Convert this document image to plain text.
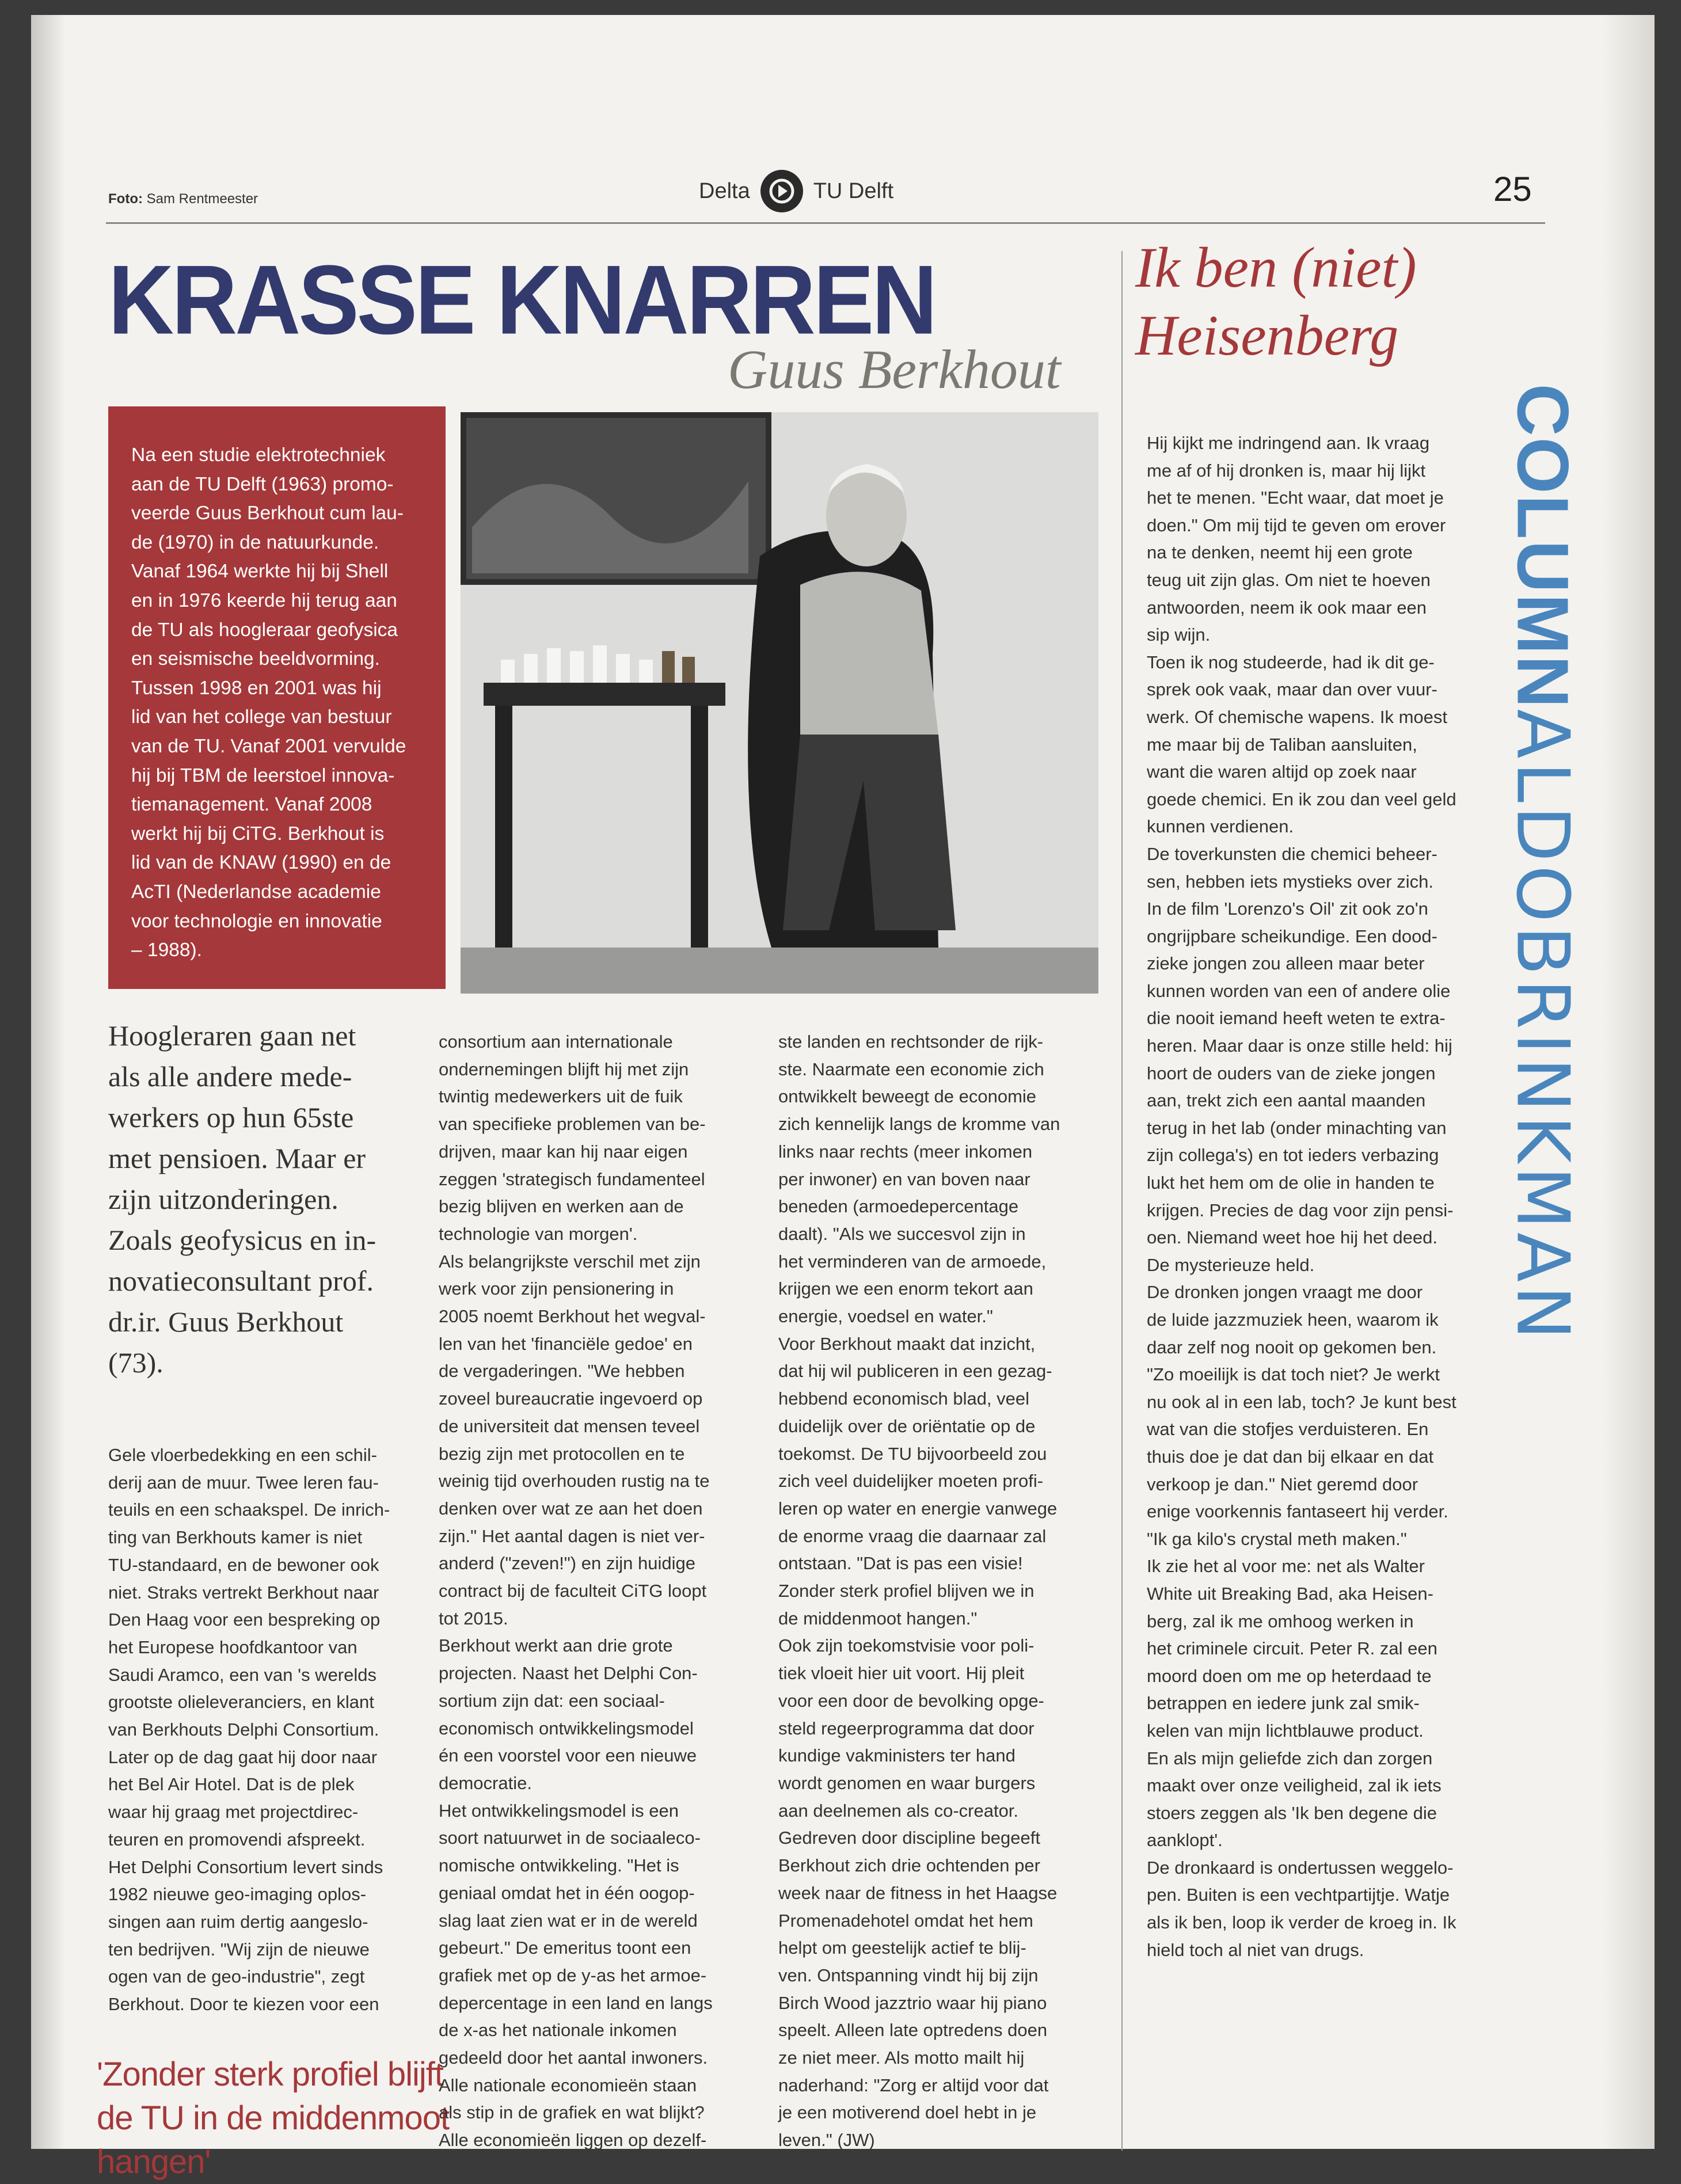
Foto: Sam Rentmeester	Delta	TU Delft	25
KRASSE KNARREN
Guus Berkhout
Na een studie elektrotechniek
aan de TU Delft (1963) promo-
veerde Guus Berkhout cum lau-
de (1970) in de natuurkunde.
Vanaf 1964 werkte hij bij Shell
en in 1976 keerde hij terug aan
de TU als hoogleraar geofysica
en seismische beeldvorming.
Tussen 1998 en 2001 was hij
lid van het college van bestuur
van de TU. Vanaf 2001 vervulde
hij bij TBM de leerstoel innova-
tiemanagement. Vanaf 2008
werkt hij bij CiTG. Berkhout is
lid van de KNAW (1990) en de
AcTI (Nederlandse academie
voor technologie en innovatie
– 1988).
Hoogleraren gaan net
als alle andere mede-
werkers op hun 65ste
met pensioen. Maar er
zijn uitzonderingen.
Zoals geofysicus en in-
novatieconsultant prof.
dr.ir. Guus Berkhout
(73).
Gele vloerbedekking en een schil-
derij aan de muur. Twee leren fau-
teuils en een schaakspel. De inrich-
ting van Berkhouts kamer is niet
TU-standaard, en de bewoner ook
niet. Straks vertrekt Berkhout naar
Den Haag voor een bespreking op
het Europese hoofdkantoor van
Saudi Aramco, een van 's werelds
grootste olieleveranciers, en klant
van Berkhouts Delphi Consortium.
Later op de dag gaat hij door naar
het Bel Air Hotel. Dat is de plek
waar hij graag met projectdirec-
teuren en promovendi afspreekt.
Het Delphi Consortium levert sinds
1982 nieuwe geo-imaging oplos-
singen aan ruim dertig aangeslo-
ten bedrijven. "Wij zijn de nieuwe
ogen van de geo-industrie", zegt
Berkhout. Door te kiezen voor een
'Zonder sterk profiel blijft
de TU in de middenmoot
hangen'
consortium aan internationale
ondernemingen blijft hij met zijn
twintig medewerkers uit de fuik
van specifieke problemen van be-
drijven, maar kan hij naar eigen
zeggen 'strategisch fundamenteel
bezig blijven en werken aan de
technologie van morgen'.
Als belangrijkste verschil met zijn
werk voor zijn pensionering in
2005 noemt Berkhout het wegval-
len van het 'financiële gedoe' en
de vergaderingen. "We hebben
zoveel bureaucratie ingevoerd op
de universiteit dat mensen teveel
bezig zijn met protocollen en te
weinig tijd overhouden rustig na te
denken over wat ze aan het doen
zijn." Het aantal dagen is niet ver-
anderd ("zeven!") en zijn huidige
contract bij de faculteit CiTG loopt
tot 2015.
Berkhout werkt aan drie grote
projecten. Naast het Delphi Con-
sortium zijn dat: een sociaal-
economisch ontwikkelingsmodel
én een voorstel voor een nieuwe
democratie.
Het ontwikkelingsmodel is een
soort natuurwet in de sociaaleco-
nomische ontwikkeling. "Het is
geniaal omdat het in één oogop-
slag laat zien wat er in de wereld
gebeurt." De emeritus toont een
grafiek met op de y-as het armoe-
depercentage in een land en langs
de x-as het nationale inkomen
gedeeld door het aantal inwoners.
Alle nationale economieën staan
als stip in de grafiek en wat blijkt?
Alle economieën liggen op dezelf-
ste landen en rechtsonder de rijk-
ste. Naarmate een economie zich
ontwikkelt beweegt de economie
zich kennelijk langs de kromme van
links naar rechts (meer inkomen
per inwoner) en van boven naar
beneden (armoedepercentage
daalt). "Als we succesvol zijn in
het verminderen van de armoede,
krijgen we een enorm tekort aan
energie, voedsel en water."
Voor Berkhout maakt dat inzicht,
dat hij wil publiceren in een gezag-
hebbend economisch blad, veel
duidelijk over de oriëntatie op de
toekomst. De TU bijvoorbeeld zou
zich veel duidelijker moeten profi-
leren op water en energie vanwege
de enorme vraag die daarnaar zal
ontstaan. "Dat is pas een visie!
Zonder sterk profiel blijven we in
de middenmoot hangen."
Ook zijn toekomstvisie voor poli-
tiek vloeit hier uit voort. Hij pleit
voor een door de bevolking opge-
steld regeerprogramma dat door
kundige vakministers ter hand
wordt genomen en waar burgers
aan deelnemen als co-creator.
Gedreven door discipline begeeft
Berkhout zich drie ochtenden per
week naar de fitness in het Haagse
Promenadehotel omdat het hem
helpt om geestelijk actief te blij-
ven. Ontspanning vindt hij bij zijn
Birch Wood jazztrio waar hij piano
speelt. Alleen late optredens doen
ze niet meer. Als motto mailt hij
naderhand: "Zorg er altijd voor dat
je een motiverend doel hebt in je
leven." (JW)
Ik ben (niet)
Heisenberg
Hij kijkt me indringend aan. Ik vraag
me af of hij dronken is, maar hij lijkt
het te menen. "Echt waar, dat moet je
doen." Om mij tijd te geven om erover
na te denken, neemt hij een grote
teug uit zijn glas. Om niet te hoeven
antwoorden, neem ik ook maar een
sip wijn.
Toen ik nog studeerde, had ik dit ge-
sprek ook vaak, maar dan over vuur-
werk. Of chemische wapens. Ik moest
me maar bij de Taliban aansluiten,
want die waren altijd op zoek naar
goede chemici. En ik zou dan veel geld
kunnen verdienen.
De toverkunsten die chemici beheer-
sen, hebben iets mystieks over zich.
In de film 'Lorenzo's Oil' zit ook zo'n
ongrijpbare scheikundige. Een dood-
zieke jongen zou alleen maar beter
kunnen worden van een of andere olie
die nooit iemand heeft weten te extra-
heren. Maar daar is onze stille held: hij
hoort de ouders van de zieke jongen
aan, trekt zich een aantal maanden
terug in het lab (onder minachting van
zijn collega's) en tot ieders verbazing
lukt het hem om de olie in handen te
krijgen. Precies de dag voor zijn pensi-
oen. Niemand weet hoe hij het deed.
De mysterieuze held.
De dronken jongen vraagt me door
de luide jazzmuziek heen, waarom ik
daar zelf nog nooit op gekomen ben.
"Zo moeilijk is dat toch niet? Je werkt
nu ook al in een lab, toch? Je kunt best
wat van die stofjes verduisteren. En
thuis doe je dat dan bij elkaar en dat
verkoop je dan." Niet geremd door
enige voorkennis fantaseert hij verder.
"Ik ga kilo's crystal meth maken."
Ik zie het al voor me: net als Walter
White uit Breaking Bad, aka Heisen-
berg, zal ik me omhoog werken in
het criminele circuit. Peter R. zal een
moord doen om me op heterdaad te
betrappen en iedere junk zal smik-
kelen van mijn lichtblauwe product.
En als mijn geliefde zich dan zorgen
maakt over onze veiligheid, zal ik iets
stoers zeggen als 'Ik ben degene die
aanklopt'.
De dronkaard is ondertussen weggelo-
pen. Buiten is een vechtpartijtje. Watje
als ik ben, loop ik verder de kroeg in. Ik
hield toch al niet van drugs.
COLUMNALDOBRINKMAN
